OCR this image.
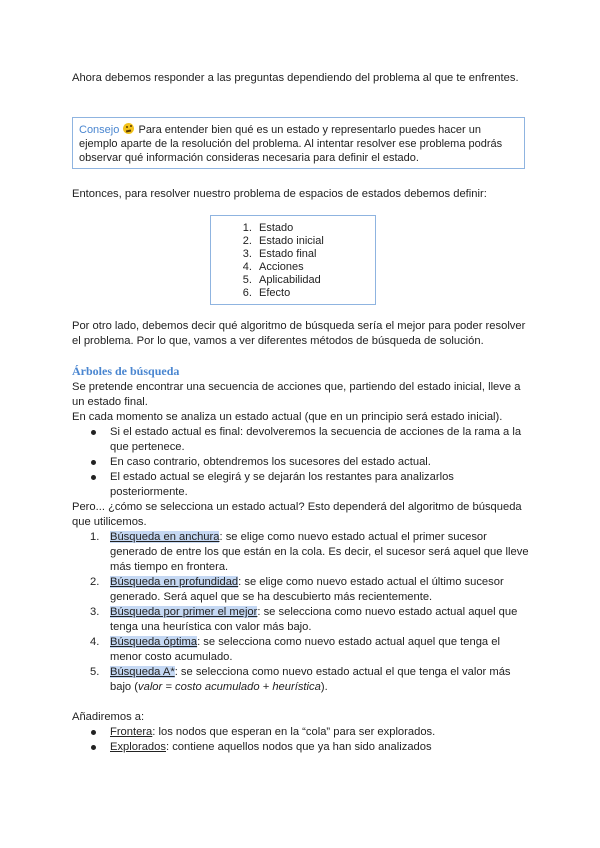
Ahora debemos responder a las preguntas dependiendo del problema al que te enfrentes.

Consejo  Para entender bien qué es un estado y representarlo puedes hacer un ejemplo aparte de la resolución del problema. Al intentar resolver ese problema podrás observar qué información consideras necesaria para definir el estado.

Entonces, para resolver nuestro problema de espacios de estados debemos definir:

1. Estado
2. Estado inicial
3. Estado final
4. Acciones
5. Aplicabilidad
6. Efecto

Por otro lado, debemos decir qué algoritmo de búsqueda sería el mejor para poder resolver el problema. Por lo que, vamos a ver diferentes métodos de búsqueda de solución.

Árboles de búsqueda

Se pretende encontrar una secuencia de acciones que, partiendo del estado inicial, lleve a un estado final.

En cada momento se analiza un estado actual (que en un principio será estado inicial).

Si el estado actual es final: devolveremos la secuencia de acciones de la rama a la que pertenece.
En caso contrario, obtendremos los sucesores del estado actual.
El estado actual se elegirá y se dejarán los restantes para analizarlos posteriormente.

Pero... ¿cómo se selecciona un estado actual? Esto dependerá del algoritmo de búsqueda que utilicemos.

1. Búsqueda en anchura: se elige como nuevo estado actual el primer sucesor generado de entre los que están en la cola. Es decir, el sucesor será aquel que lleve más tiempo en frontera.
2. Búsqueda en profundidad: se elige como nuevo estado actual el último sucesor generado. Será aquel que se ha descubierto más recientemente.
3. Búsqueda por primer el mejor: se selecciona como nuevo estado actual aquel que tenga una heurística con valor más bajo.
4. Búsqueda óptima: se selecciona como nuevo estado actual aquel que tenga el menor costo acumulado.
5. Búsqueda A*: se selecciona como nuevo estado actual el que tenga el valor más bajo (valor = costo acumulado + heurística).

Añadiremos a:

Frontera: los nodos que esperan en la “cola” para ser explorados.
Explorados: contiene aquellos nodos que ya han sido analizados
